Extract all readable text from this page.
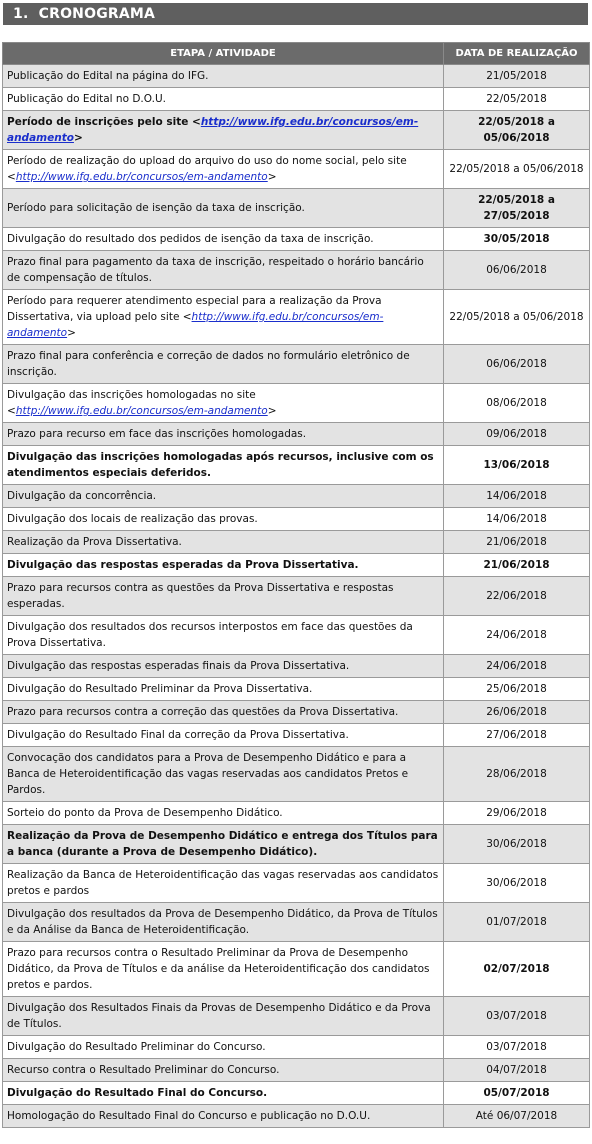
1. CRONOGRAMA
ETAPA / ATIVIDADE	DATA DE REALIZAÇÃO
Publicação do Edital na página do IFG.	21/05/2018
Publicação do Edital no D.O.U.	22/05/2018
Período de inscrições pelo site <http://www.ifg.edu.br/concursos/em-andamento>	22/05/2018 a 05/06/2018
Período de realização do upload do arquivo do uso do nome social, pelo site <http://www.ifg.edu.br/concursos/em-andamento>	22/05/2018 a 05/06/2018
Período para solicitação de isenção da taxa de inscrição.	22/05/2018 a 27/05/2018
Divulgação do resultado dos pedidos de isenção da taxa de inscrição.	30/05/2018
Prazo final para pagamento da taxa de inscrição, respeitado o horário bancário de compensação de títulos.	06/06/2018
Período para requerer atendimento especial para a realização da Prova Dissertativa, via upload pelo site <http://www.ifg.edu.br/concursos/em-andamento>	22/05/2018 a 05/06/2018
Prazo final para conferência e correção de dados no formulário eletrônico de inscrição.	06/06/2018
Divulgação das inscrições homologadas no site <http://www.ifg.edu.br/concursos/em-andamento>	08/06/2018
Prazo para recurso em face das inscrições homologadas.	09/06/2018
Divulgação das inscrições homologadas após recursos, inclusive com os atendimentos especiais deferidos.	13/06/2018
Divulgação da concorrência.	14/06/2018
Divulgação dos locais de realização das provas.	14/06/2018
Realização da Prova Dissertativa.	21/06/2018
Divulgação das respostas esperadas da Prova Dissertativa.	21/06/2018
Prazo para recursos contra as questões da Prova Dissertativa e respostas esperadas.	22/06/2018
Divulgação dos resultados dos recursos interpostos em face das questões da Prova Dissertativa.	24/06/2018
Divulgação das respostas esperadas finais da Prova Dissertativa.	24/06/2018
Divulgação do Resultado Preliminar da Prova Dissertativa.	25/06/2018
Prazo para recursos contra a correção das questões da Prova Dissertativa.	26/06/2018
Divulgação do Resultado Final da correção da Prova Dissertativa.	27/06/2018
Convocação dos candidatos para a Prova de Desempenho Didático e para a Banca de Heteroidentificação das vagas reservadas aos candidatos Pretos e Pardos.	28/06/2018
Sorteio do ponto da Prova de Desempenho Didático.	29/06/2018
Realização da Prova de Desempenho Didático e entrega dos Títulos para a banca (durante a Prova de Desempenho Didático).	30/06/2018
Realização da Banca de Heteroidentificação das vagas reservadas aos candidatos pretos e pardos	30/06/2018
Divulgação dos resultados da Prova de Desempenho Didático, da Prova de Títulos e da Análise da Banca de Heteroidentificação.	01/07/2018
Prazo para recursos contra o Resultado Preliminar da Prova de Desempenho Didático, da Prova de Títulos e da análise da Heteroidentificação dos candidatos pretos e pardos.	02/07/2018
Divulgação dos Resultados Finais da Provas de Desempenho Didático e da Prova de Títulos.	03/07/2018
Divulgação do Resultado Preliminar do Concurso.	03/07/2018
Recurso contra o Resultado Preliminar do Concurso.	04/07/2018
Divulgação do Resultado Final do Concurso.	05/07/2018
Homologação do Resultado Final do Concurso e publicação no D.O.U.	Até 06/07/2018
